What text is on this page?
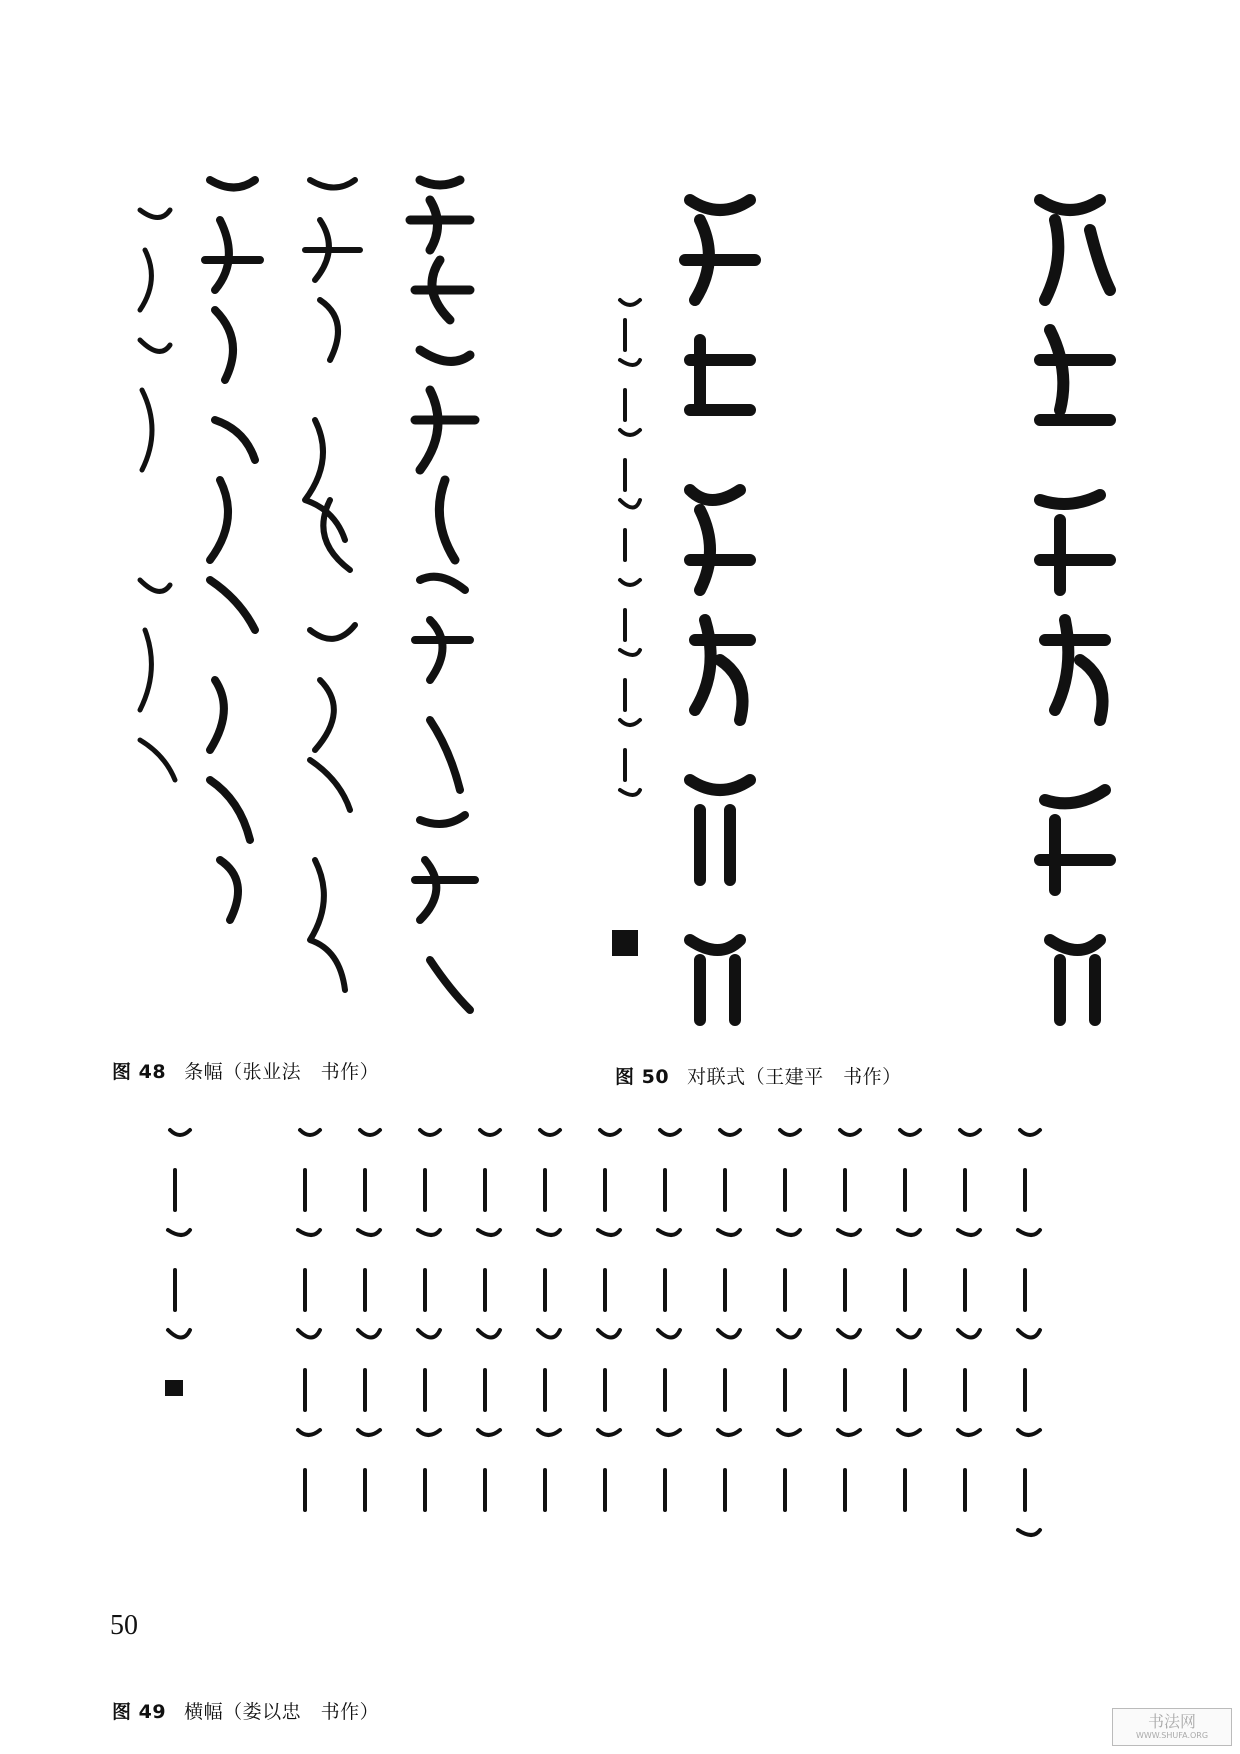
图 48 条幅（张业法　书作）	图 50 对联式（王建平　书作）
图 49 横幅（娄以忠　书作）
50
书法网
WWW.SHUFA.ORG
